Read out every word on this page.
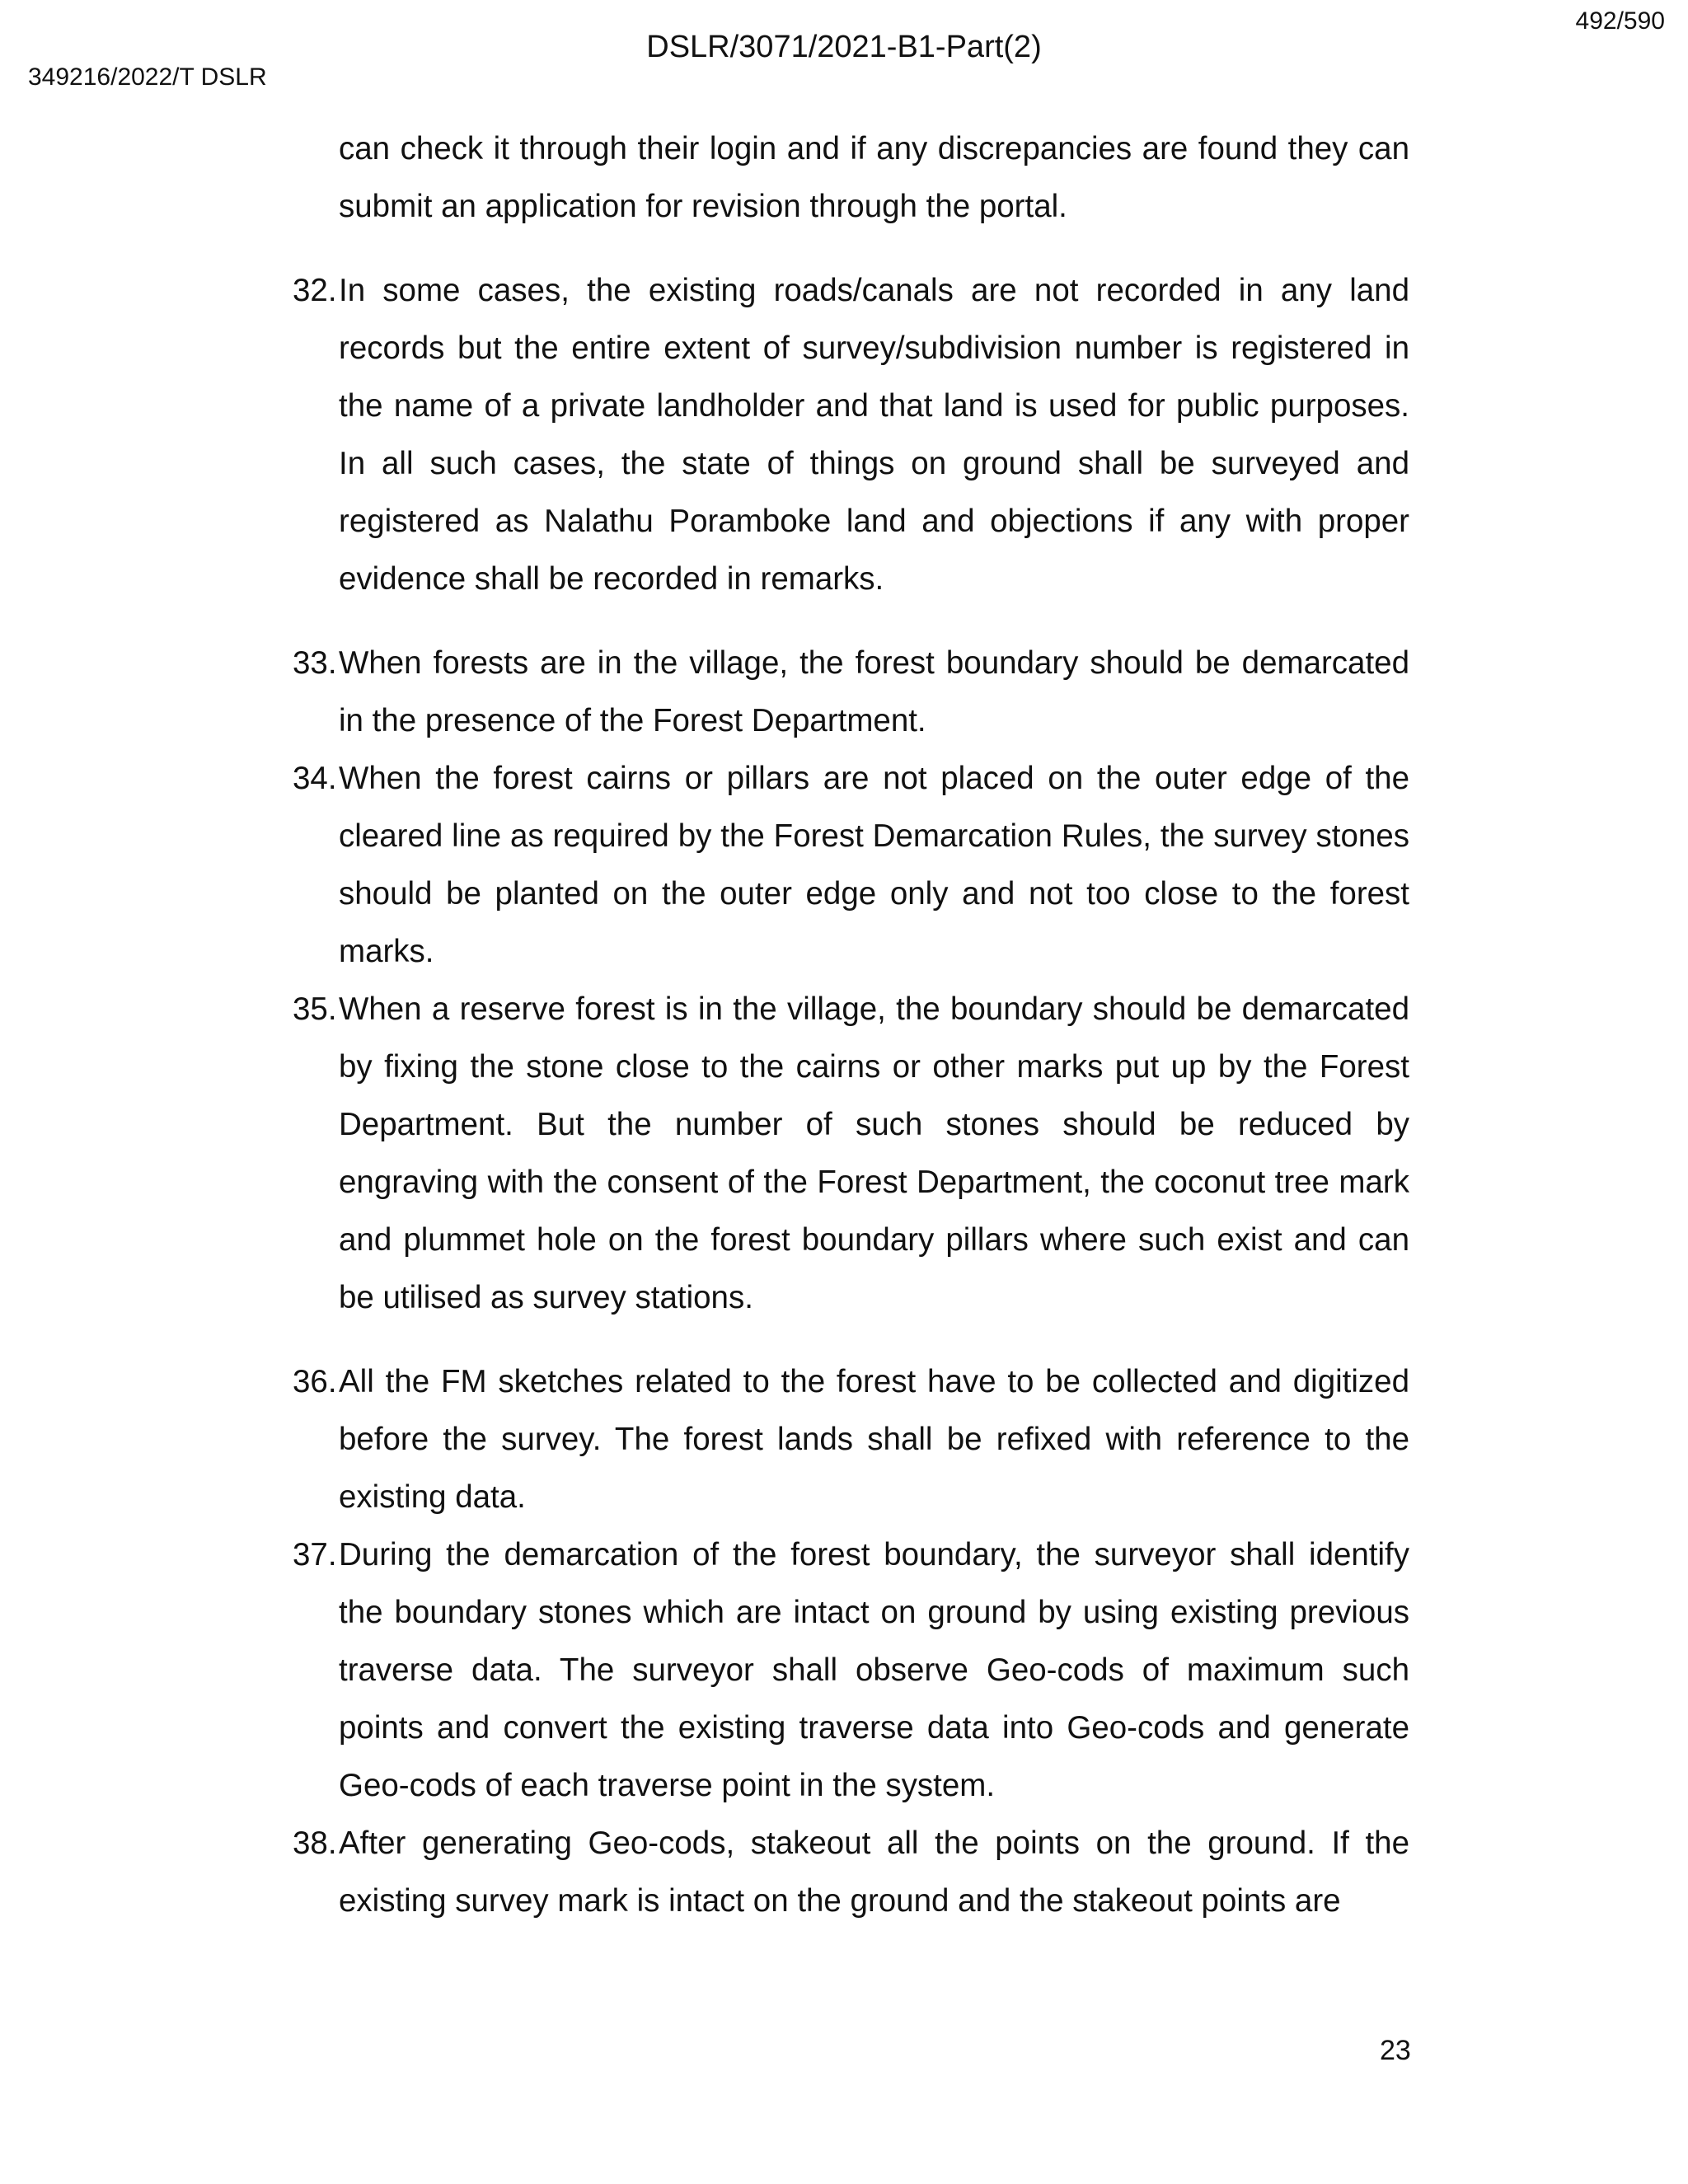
492/590
DSLR/3071/2021-B1-Part(2)
349216/2022/T DSLR

can check it through their login and if any discrepancies are found they can submit an application for revision through the portal.

32. In some cases, the existing roads/canals are not recorded in any land records but the entire extent of survey/subdivision number is registered in the name of a private landholder and that land is used for public purposes. In all such cases, the state of things on ground shall be surveyed and registered as Nalathu Poramboke land and objections if any with proper evidence shall be recorded in remarks.
33. When forests are in the village, the forest boundary should be demarcated in the presence of the Forest Department.
34. When the forest cairns or pillars are not placed on the outer edge of the cleared line as required by the Forest Demarcation Rules, the survey stones should be planted on the outer edge only and not too close to the forest marks.
35. When a reserve forest is in the village, the boundary should be demarcated by fixing the stone close to the cairns or other marks put up by the Forest Department. But the number of such stones should be reduced by engraving with the consent of the Forest Department, the coconut tree mark and plummet hole on the forest boundary pillars where such exist and can be utilised as survey stations.
36. All the FM sketches related to the forest have to be collected and digitized before the survey. The forest lands shall be refixed with reference to the existing data.
37. During the demarcation of the forest boundary, the surveyor shall identify the boundary stones which are intact on ground by using existing previous traverse data. The surveyor shall observe Geo-cods of maximum such points and convert the existing traverse data into Geo-cods and generate Geo-cods of each traverse point in the system.
38. After generating Geo-cods, stakeout all the points on the ground. If the existing survey mark is intact on the ground and the stakeout points are
23
